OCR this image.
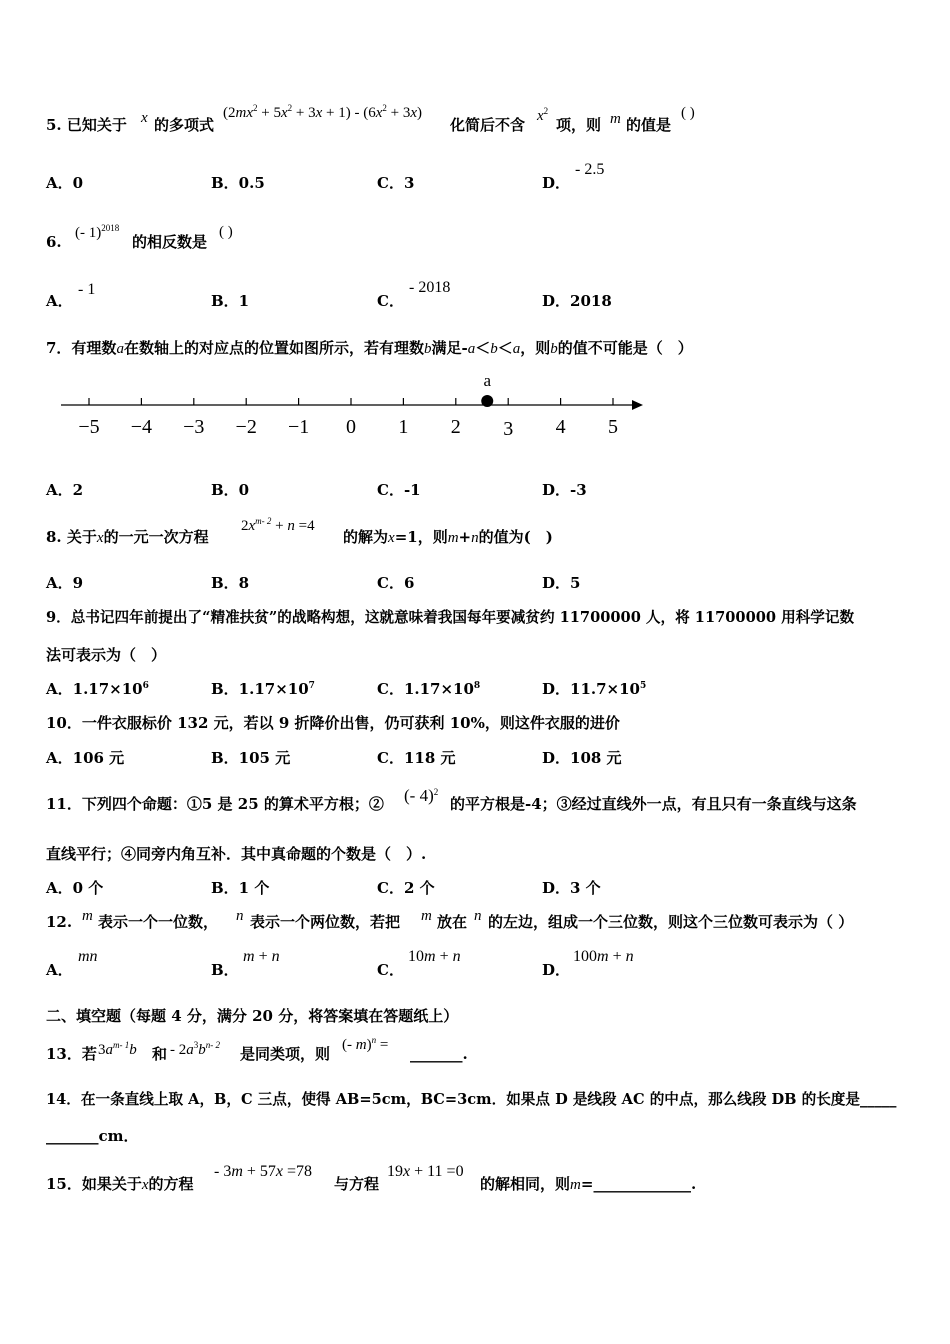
5. 已知关于 x 的多项式
$(2mx^2 + 5x^2 + 3x + 1) - (6x^2 + 3x)$
化简后不含 $x^2$
项，则 m 的值是
( )
A．0	B．0.5	C．3	D．
- 2.5
6. (- 1)$^{2018}$
的相反数是
( )
A．
- 1
B．1	C．
- 2018
D．2018
7．有理数a在数轴上的对应点的位置如图所示，若有理数b满足-a＜b＜a，则b的值不可能是（　）
−5 −4 −3 −2 −1 0 1 2 3 4 5
a
A．2	B．0	C．-1	D．-3
8. 关于x的一元一次方程
$2x^{m- 2} + n =4$
的解为x=1，则m+n的值为(　)
A．9	B．8	C．6	D．5
9．总书记四年前提出了“精准扶贫”的战略构想，这就意味着我国每年要减贫约 11700000 人，将 11700000 用科学记数
法可表示为（　）
A．$1.17\times 10^6$	B．$1.17\times 10^7$	C．$1.17\times 10^8$	D．$11.7\times 10^5$
10．一件衣服标价 132 元，若以 9 折降价出售，仍可获利 10%，则这件衣服的进价
A．106 元	B．105 元	C．118 元	D．108 元
11．下列四个命题：①5 是 25 的算术平方根；② (- 4)$^2$
的平方根是-4；③经过直线外一点，有且只有一条直线与这条
直线平行；④同旁内角互补．其中真命题的个数是（　）.
A．0 个	B．1 个	C．2 个	D．3 个
12. m 表示一个一位数， n 表示一个两位数，若把 m 放在 n 的左边，组成一个三位数，则这个三位数可表示为（ ）
A．
mn
B．
m + n
C．
10m + n
D．
100m + n
二、填空题（每题 4 分，满分 20 分，将答案填在答题纸上）
13．若 $3a^{m- 1}b$ 和 - $2a^3b^{n- 2}$ 是同类项，则 (- m)$^n$ = _______.
14．在一条直线上取 A，B，C 三点，使得 AB=5cm，BC=3cm．如果点 D 是线段 AC 的中点，那么线段 DB 的长度是_____
_______cm．
15．如果关于x的方程
- 3m + 57x =78
与方程
19x + 11 =0
的解相同，则m=_____________.
